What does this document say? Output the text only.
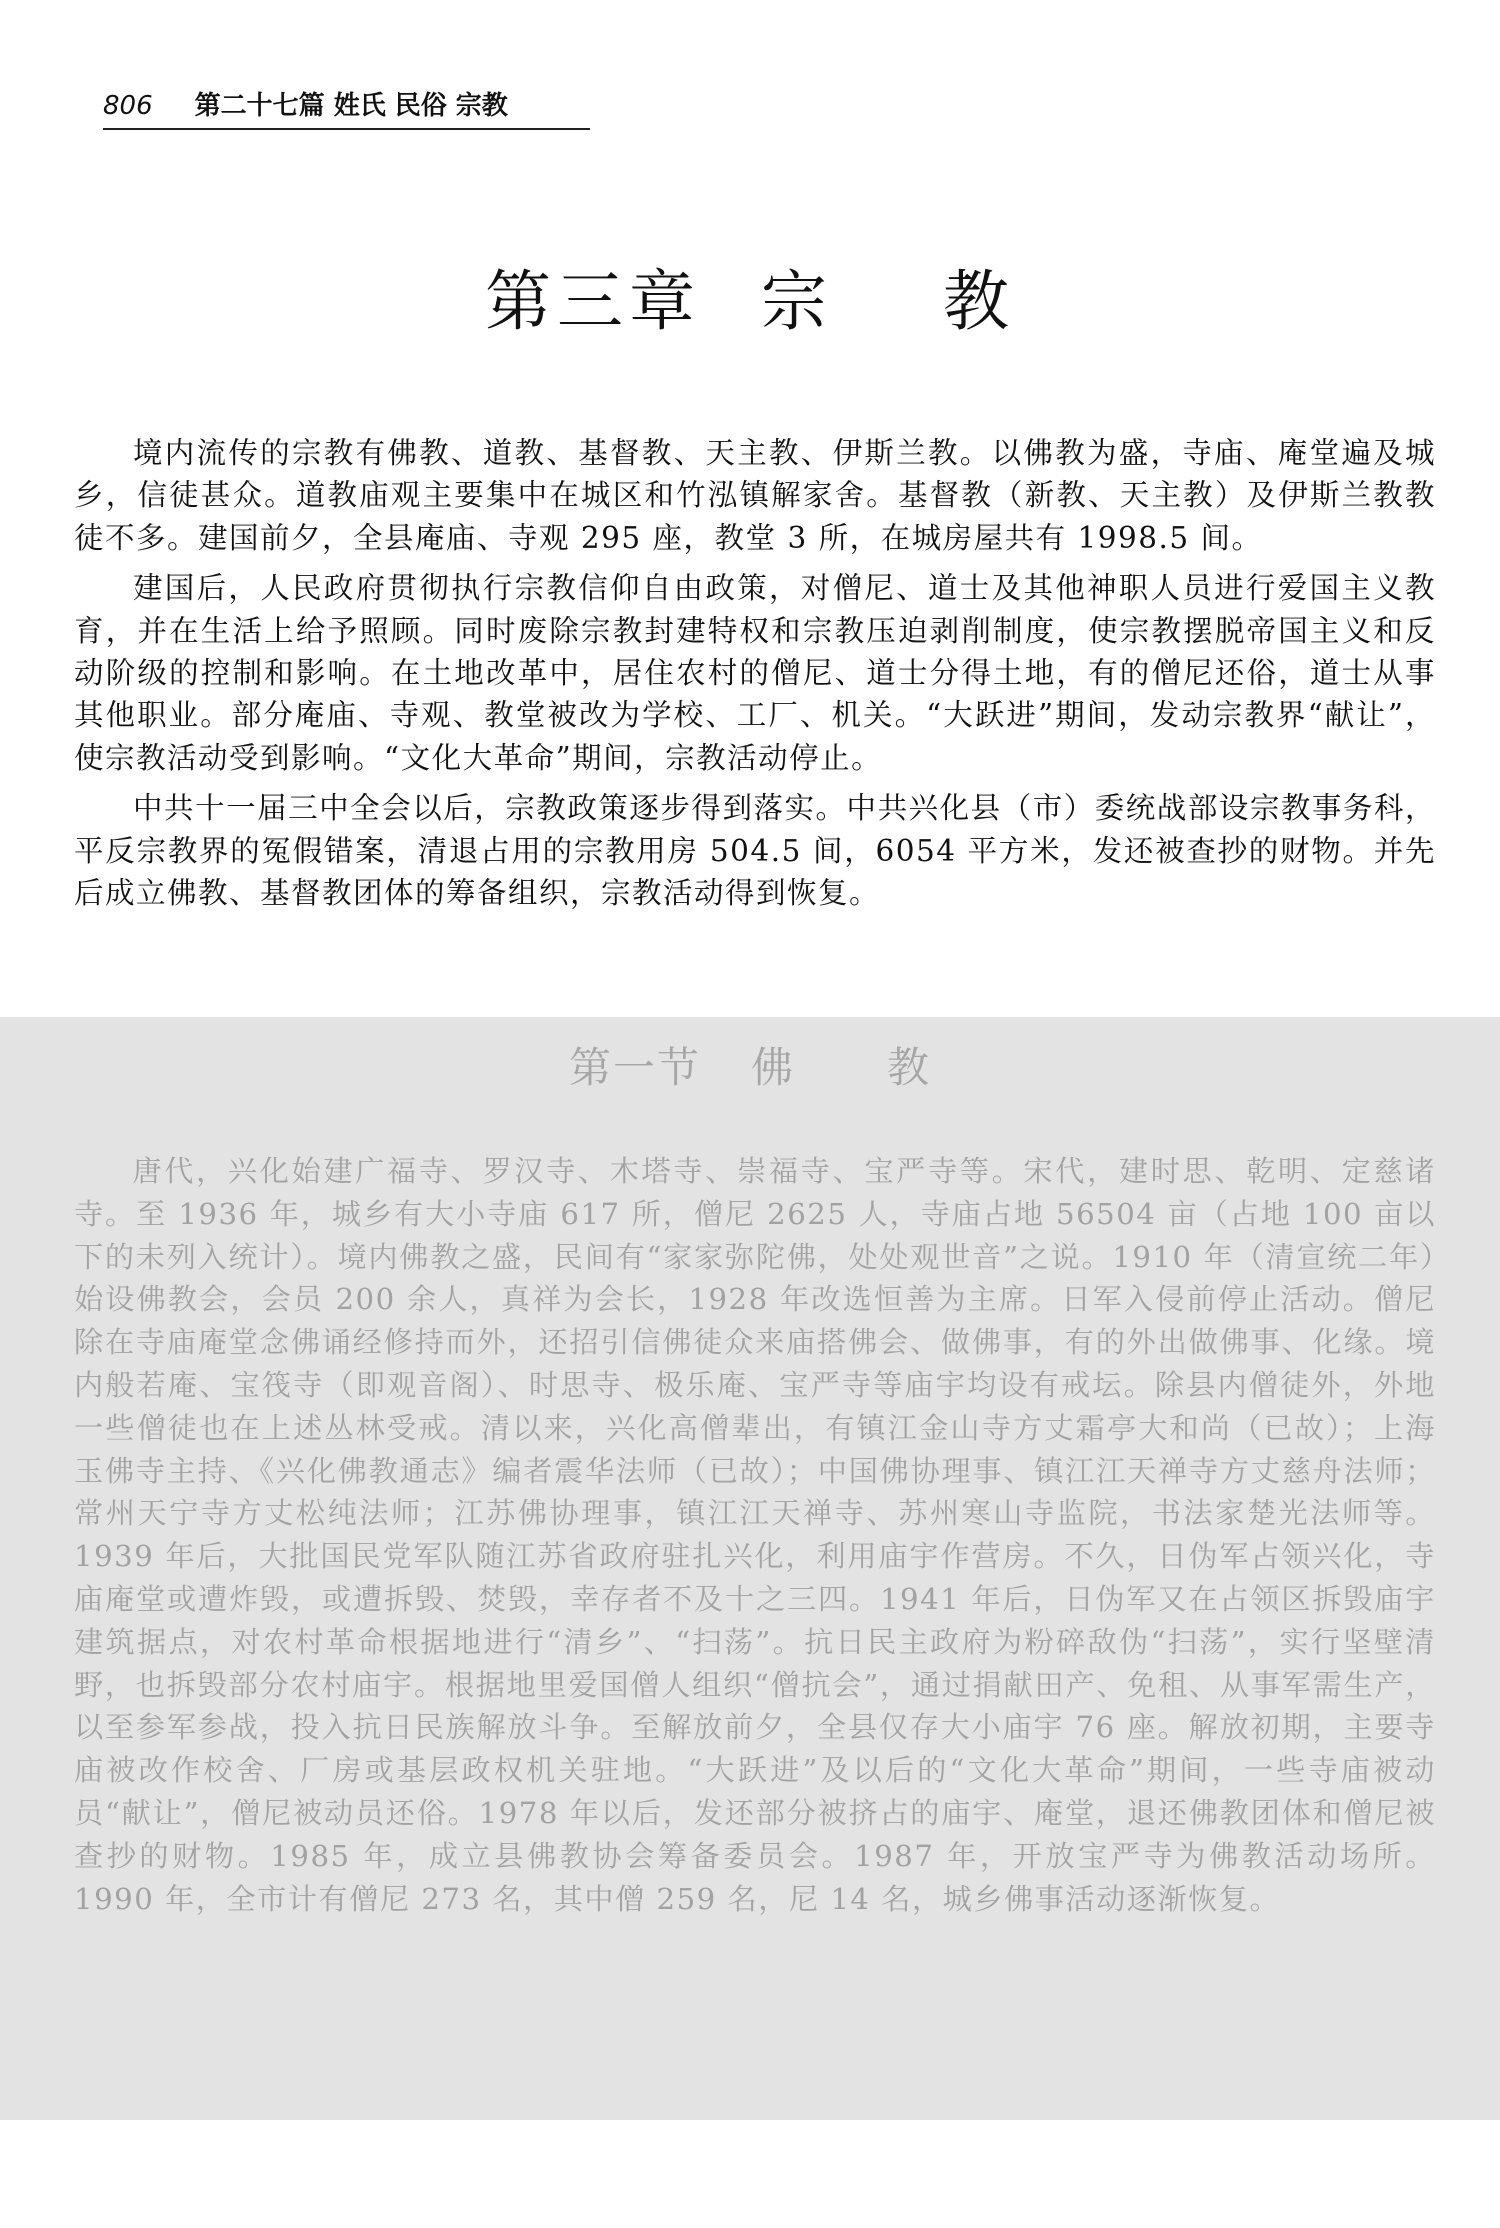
806 第二十七篇 姓氏 民俗 宗教
第三章 宗 教

境内流传的宗教有佛教、道教、基督教、天主教、伊斯兰教。以佛教为盛，寺庙、庵堂遍及城乡，信徒甚众。道教庙观主要集中在城区和竹泓镇解家舍。基督教（新教、天主教）及伊斯兰教教徒不多。建国前夕，全县庵庙、寺观 295 座，教堂 3 所，在城房屋共有 1998.5 间。

建国后，人民政府贯彻执行宗教信仰自由政策，对僧尼、道士及其他神职人员进行爱国主义教育，并在生活上给予照顾。同时废除宗教封建特权和宗教压迫剥削制度，使宗教摆脱帝国主义和反动阶级的控制和影响。在土地改革中，居住农村的僧尼、道士分得土地，有的僧尼还俗，道士从事其他职业。部分庵庙、寺观、教堂被改为学校、工厂、机关。“大跃进”期间，发动宗教界“献让”，使宗教活动受到影响。“文化大革命”期间，宗教活动停止。

中共十一届三中全会以后，宗教政策逐步得到落实。中共兴化县（市）委统战部设宗教事务科，平反宗教界的冤假错案，清退占用的宗教用房 504.5 间，6054 平方米，发还被查抄的财物。并先后成立佛教、基督教团体的筹备组织，宗教活动得到恢复。

第一节 佛 教

唐代，兴化始建广福寺、罗汉寺、木塔寺、崇福寺、宝严寺等。宋代，建时思、乾明、定慈诸寺。至 1936 年，城乡有大小寺庙 617 所，僧尼 2625 人，寺庙占地 56504 亩（占地 100 亩以下的未列入统计）。境内佛教之盛，民间有“家家弥陀佛，处处观世音”之说。1910 年（清宣统二年）始设佛教会，会员 200 余人，真祥为会长，1928 年改选恒善为主席。日军入侵前停止活动。僧尼除在寺庙庵堂念佛诵经修持而外，还招引信佛徒众来庙搭佛会、做佛事，有的外出做佛事、化缘。境内般若庵、宝筏寺（即观音阁）、时思寺、极乐庵、宝严寺等庙宇均设有戒坛。除县内僧徒外，外地一些僧徒也在上述丛林受戒。清以来，兴化高僧辈出，有镇江金山寺方丈霜亭大和尚（已故）；上海玉佛寺主持、《兴化佛教通志》编者震华法师（已故）；中国佛协理事、镇江江天禅寺方丈慈舟法师；常州天宁寺方丈松纯法师；江苏佛协理事，镇江江天禅寺、苏州寒山寺监院，书法家楚光法师等。1939 年后，大批国民党军队随江苏省政府驻扎兴化，利用庙宇作营房。不久，日伪军占领兴化，寺庙庵堂或遭炸毁，或遭拆毁、焚毁，幸存者不及十之三四。1941 年后，日伪军又在占领区拆毁庙宇建筑据点，对农村革命根据地进行“清乡”、“扫荡”。抗日民主政府为粉碎敌伪“扫荡”，实行坚壁清野，也拆毁部分农村庙宇。根据地里爱国僧人组织“僧抗会”，通过捐献田产、免租、从事军需生产，以至参军参战，投入抗日民族解放斗争。至解放前夕，全县仅存大小庙宇 76 座。解放初期，主要寺庙被改作校舍、厂房或基层政权机关驻地。“大跃进”及以后的“文化大革命”期间，一些寺庙被动员“献让”，僧尼被动员还俗。1978 年以后，发还部分被挤占的庙宇、庵堂，退还佛教团体和僧尼被查抄的财物。1985 年，成立县佛教协会筹备委员会。1987 年，开放宝严寺为佛教活动场所。1990 年，全市计有僧尼 273 名，其中僧 259 名，尼 14 名，城乡佛事活动逐渐恢复。
